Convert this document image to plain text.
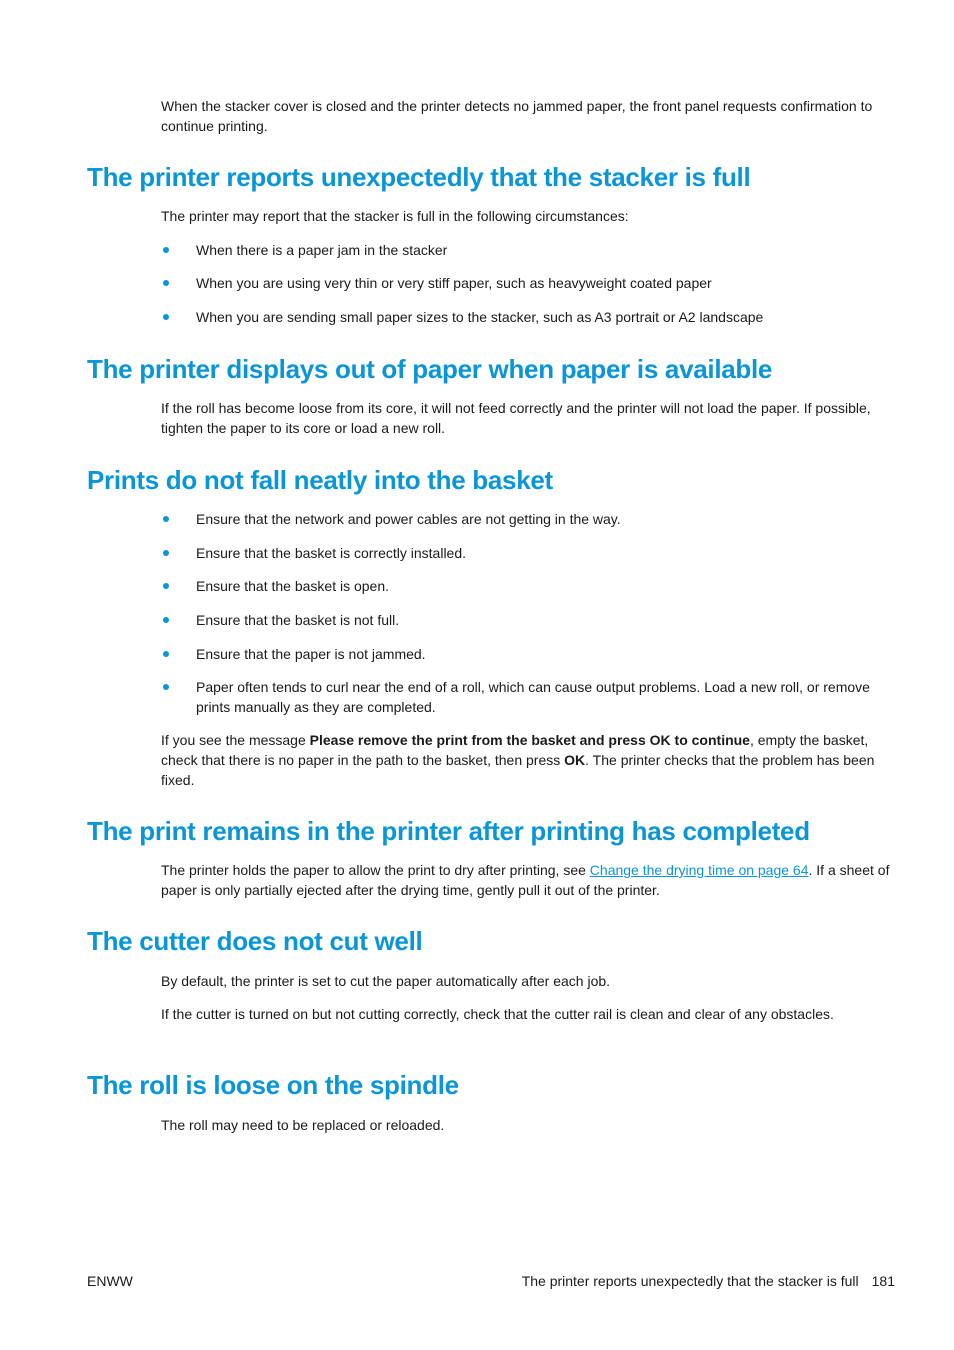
When the stacker cover is closed and the printer detects no jammed paper, the front panel requests confirmation to continue printing.

The printer reports unexpectedly that the stacker is full

The printer may report that the stacker is full in the following circumstances:

When there is a paper jam in the stacker
When you are using very thin or very stiff paper, such as heavyweight coated paper
When you are sending small paper sizes to the stacker, such as A3 portrait or A2 landscape
The printer displays out of paper when paper is available

If the roll has become loose from its core, it will not feed correctly and the printer will not load the paper. If possible, tighten the paper to its core or load a new roll.

Prints do not fall neatly into the basket
Ensure that the network and power cables are not getting in the way.
Ensure that the basket is correctly installed.
Ensure that the basket is open.
Ensure that the basket is not full.
Ensure that the paper is not jammed.
Paper often tends to curl near the end of a roll, which can cause output problems. Load a new roll, or remove prints manually as they are completed.

If you see the message Please remove the print from the basket and press OK to continue, empty the basket, check that there is no paper in the path to the basket, then press OK. The printer checks that the problem has been fixed.

The print remains in the printer after printing has completed

The printer holds the paper to allow the print to dry after printing, see Change the drying time on page 64. If a sheet of paper is only partially ejected after the drying time, gently pull it out of the printer.

The cutter does not cut well

By default, the printer is set to cut the paper automatically after each job.

If the cutter is turned on but not cutting correctly, check that the cutter rail is clean and clear of any obstacles.

The roll is loose on the spindle

The roll may need to be replaced or reloaded.

ENWW	The printer reports unexpectedly that the stacker is full 181
